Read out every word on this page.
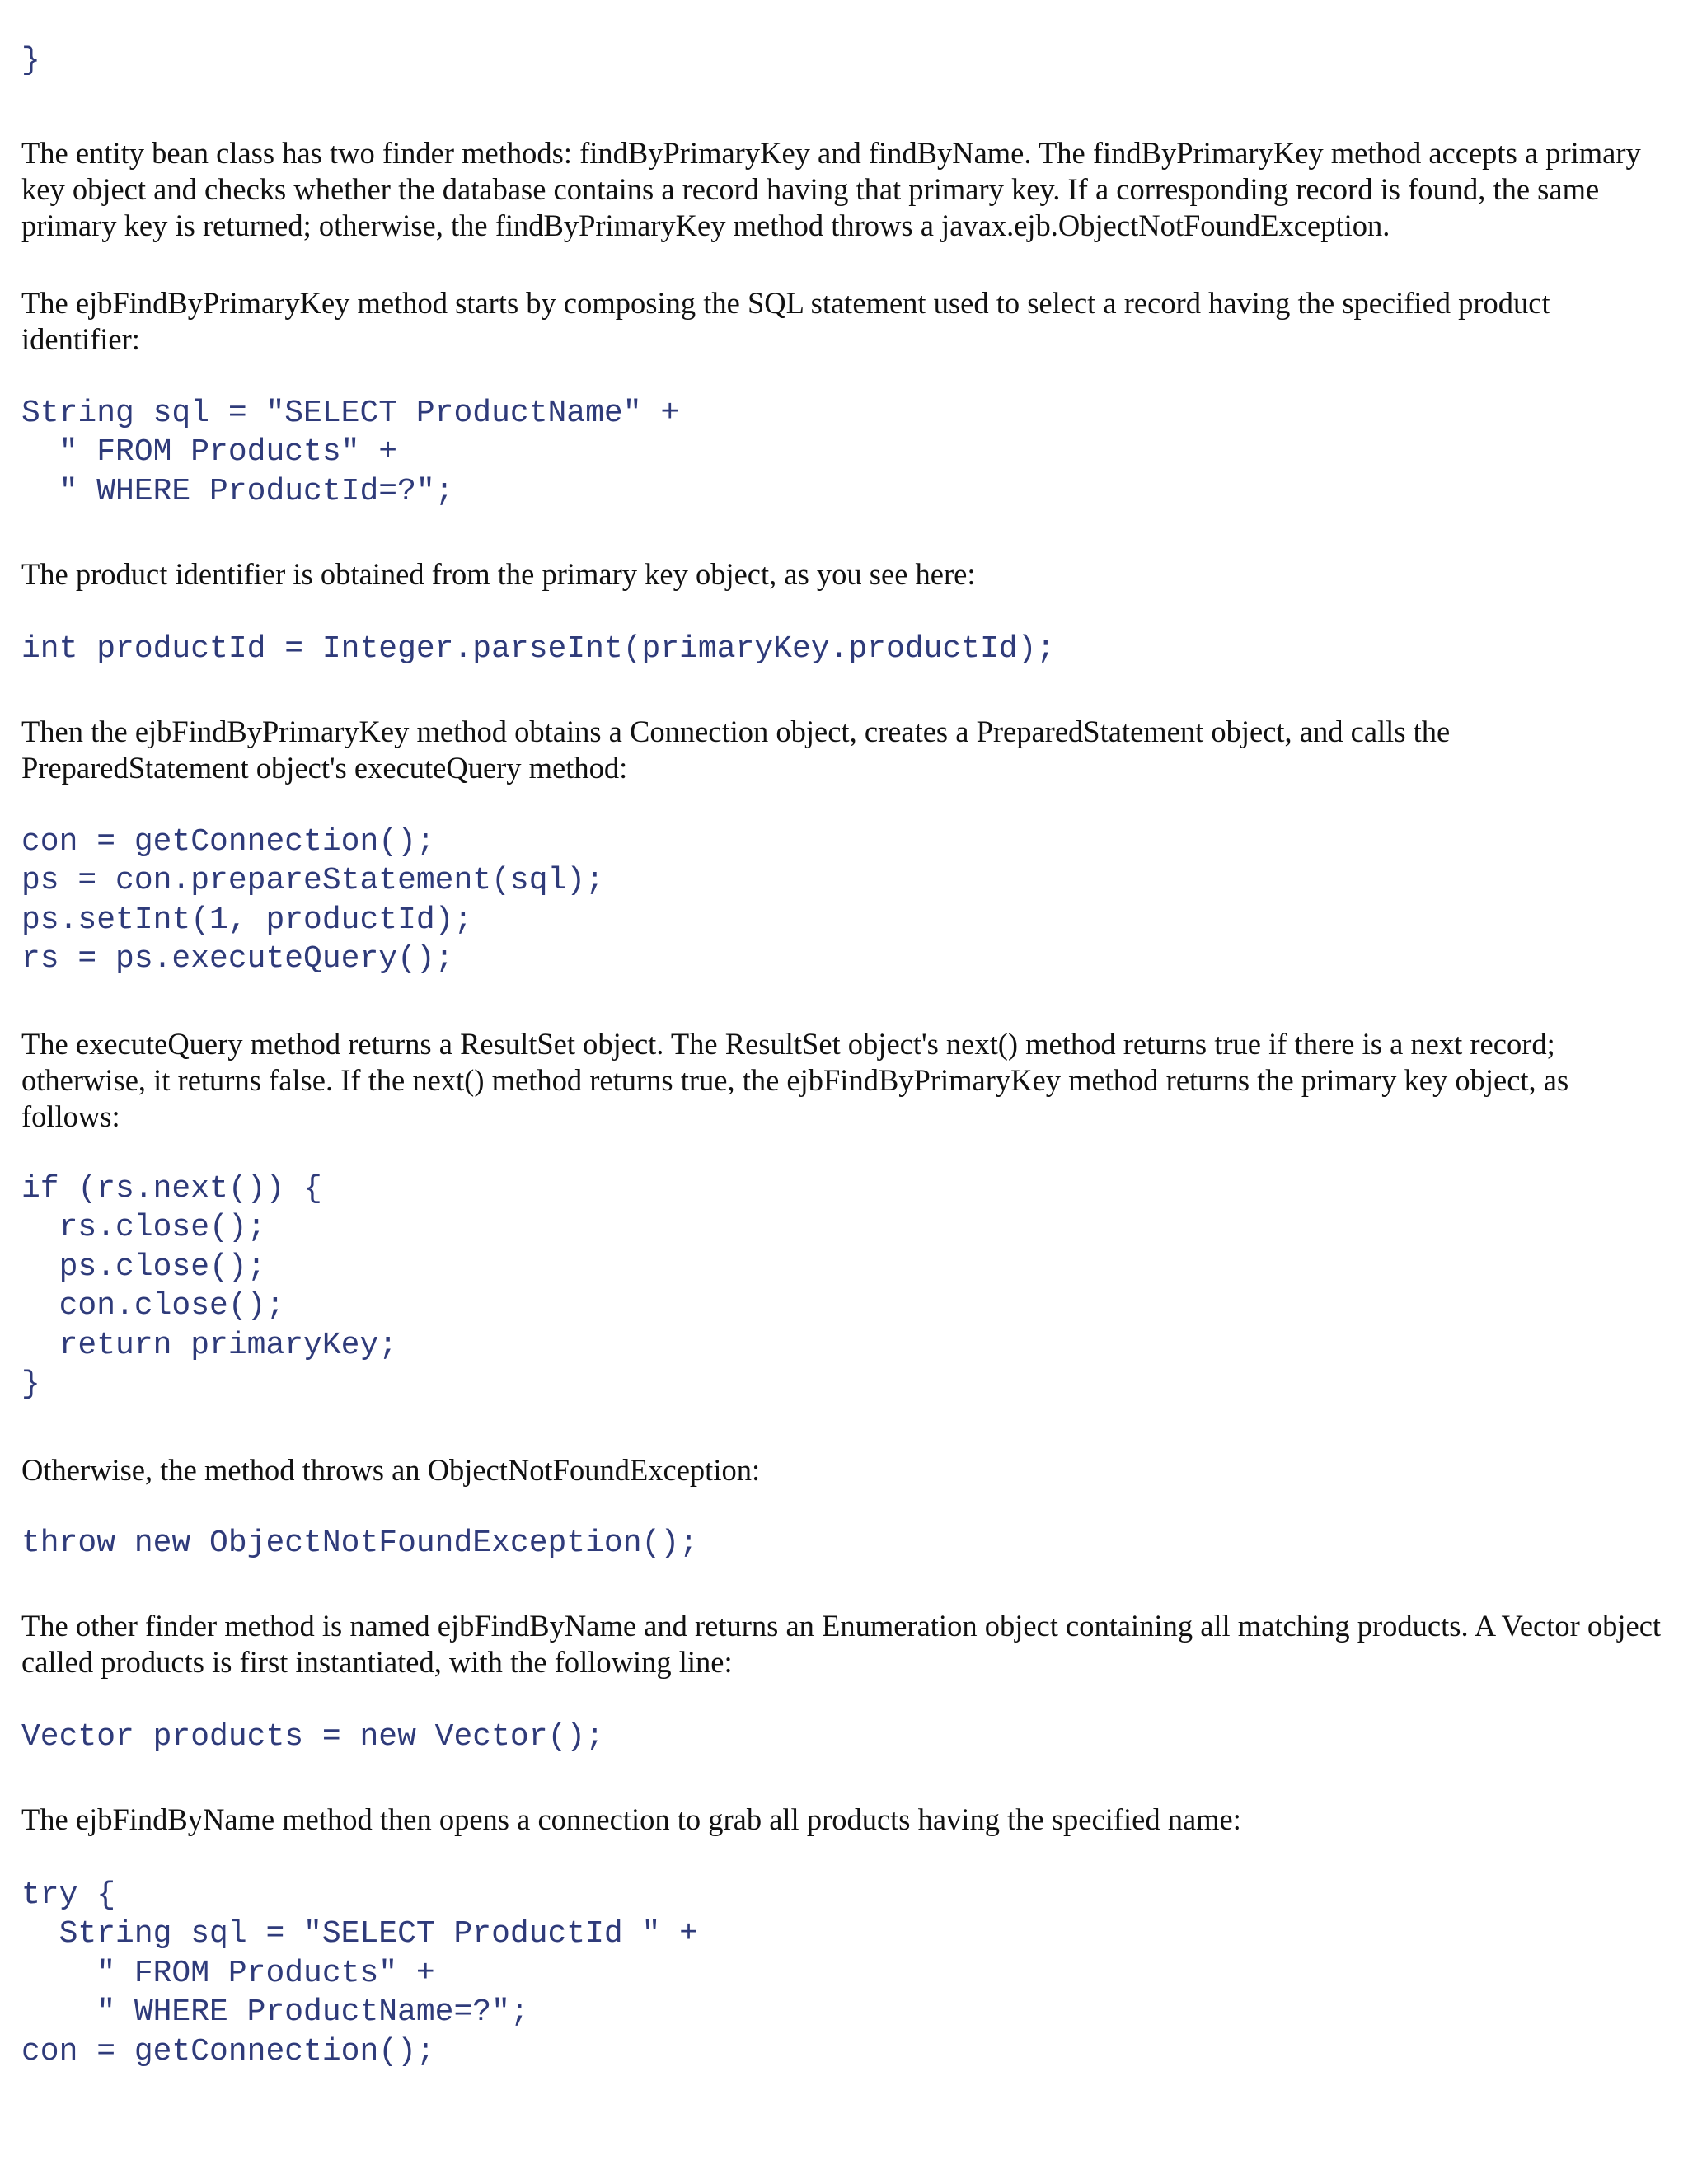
}

The entity bean class has two finder methods: findByPrimaryKey and findByName. The findByPrimaryKey method accepts a primary key object and checks whether the database contains a record having that primary key. If a corresponding record is found, the same primary key is returned; otherwise, the findByPrimaryKey method throws a javax.ejb.ObjectNotFoundException.

The ejbFindByPrimaryKey method starts by composing the SQL statement used to select a record having the specified product identifier:

String sql = "SELECT ProductName" +
" FROM Products" +
" WHERE ProductId=?";

The product identifier is obtained from the primary key object, as you see here:

int productId = Integer.parseInt(primaryKey.productId);

Then the ejbFindByPrimaryKey method obtains a Connection object, creates a PreparedStatement object, and calls the PreparedStatement object's executeQuery method:

con = getConnection();
ps = con.prepareStatement(sql);
ps.setInt(1, productId);
rs = ps.executeQuery();

The executeQuery method returns a ResultSet object. The ResultSet object's next() method returns true if there is a next record; otherwise, it returns false. If the next() method returns true, the ejbFindByPrimaryKey method returns the primary key object, as follows:

if (rs.next()) {
rs.close();
ps.close();
con.close();
return primaryKey;
}

Otherwise, the method throws an ObjectNotFoundException:

throw new ObjectNotFoundException();

The other finder method is named ejbFindByName and returns an Enumeration object containing all matching products. A Vector object called products is first instantiated, with the following line:

Vector products = new Vector();

The ejbFindByName method then opens a connection to grab all products having the specified name:

try {
String sql = "SELECT ProductId " +
" FROM Products" +
" WHERE ProductName=?";
con = getConnection();
